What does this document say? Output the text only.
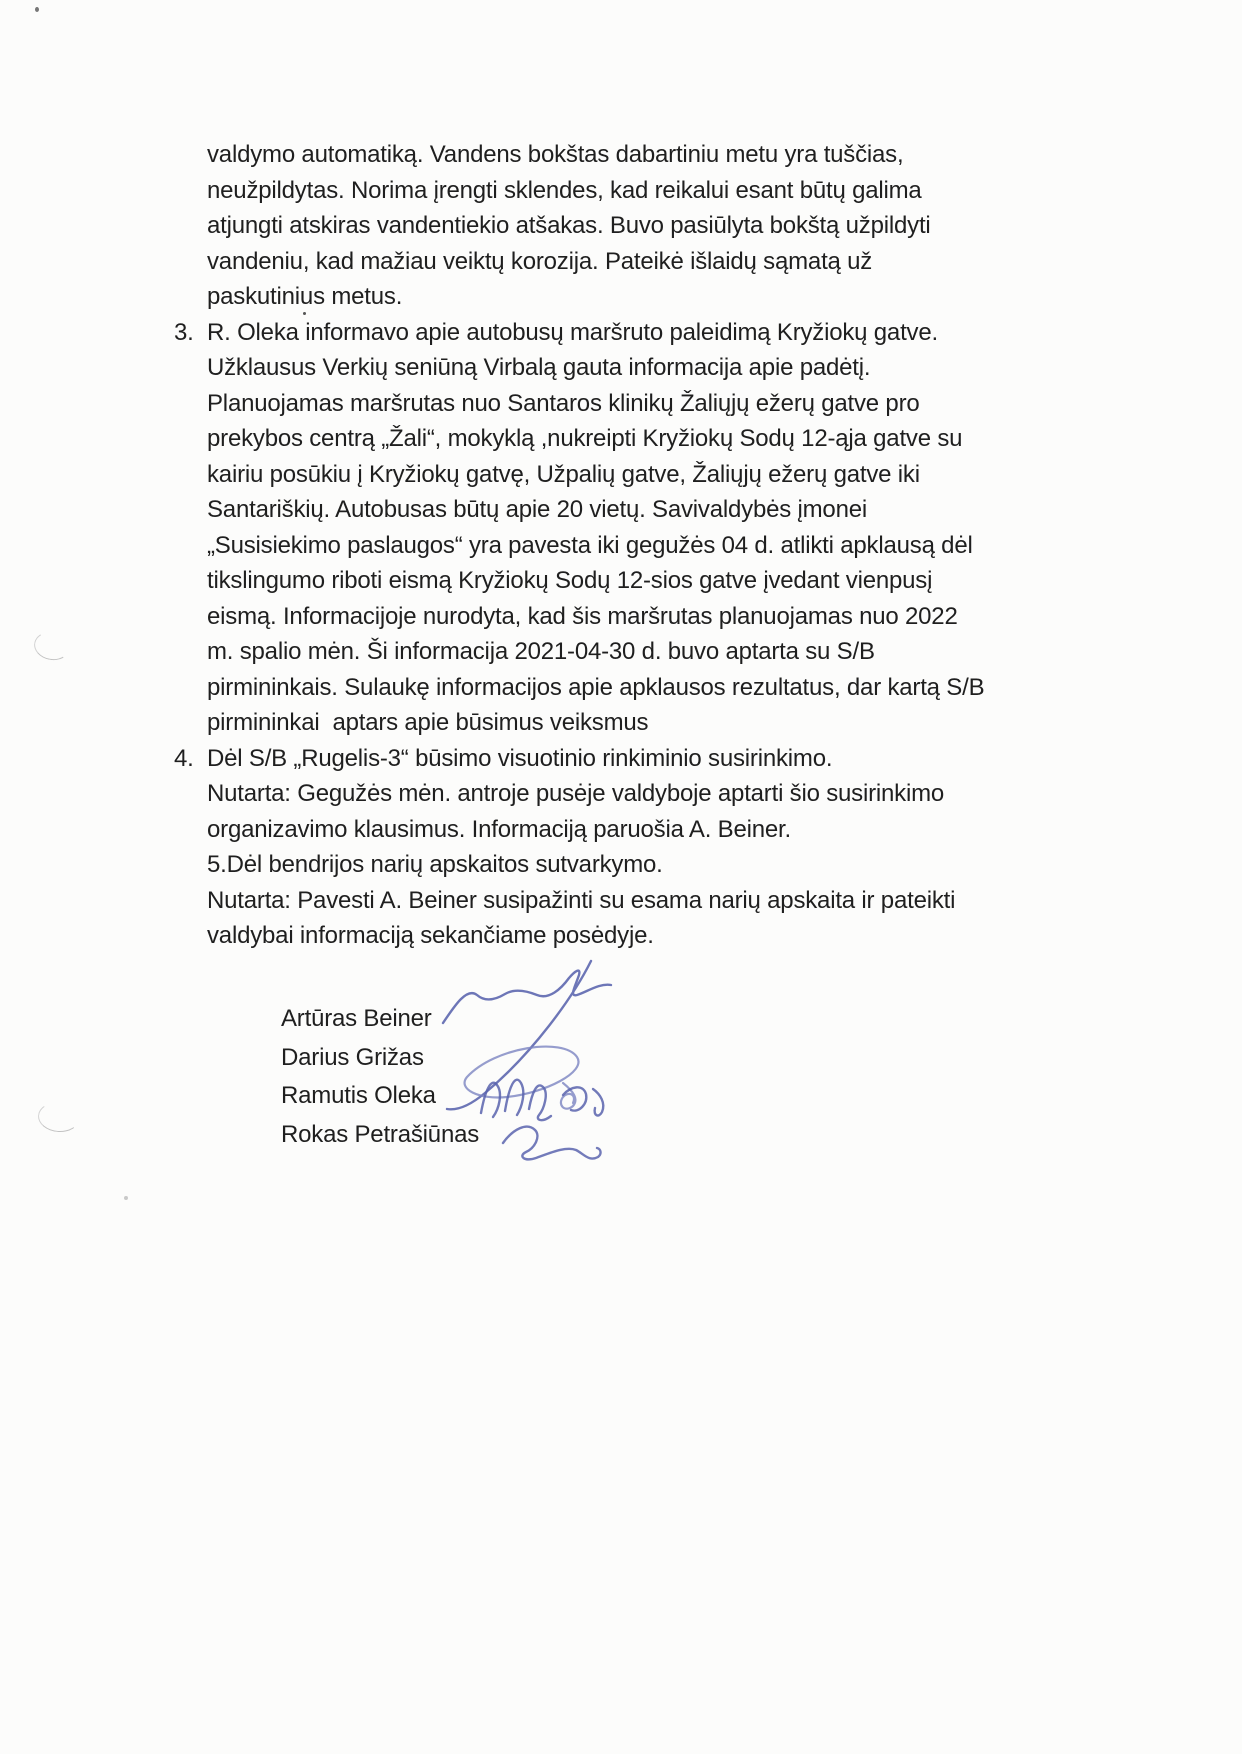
valdymo automatiką. Vandens bokštas dabartiniu metu yra tuščias,
neužpildytas. Norima įrengti sklendes, kad reikalui esant būtų galima
atjungti atskiras vandentiekio atšakas. Buvo pasiūlyta bokštą užpildyti
vandeniu, kad mažiau veiktų korozija. Pateikė išlaidų sąmatą už
paskutinius metus.
3. R. Oleka informavo apie autobusų maršruto paleidimą Kryžiokų gatve.
Užklausus Verkių seniūną Virbalą gauta informacija apie padėtį.
Planuojamas maršrutas nuo Santaros klinikų Žaliųjų ežerų gatve pro
prekybos centrą „Žali“, mokyklą ,nukreipti Kryžiokų Sodų 12-ąja gatve su
kairiu posūkiu į Kryžiokų gatvę, Užpalių gatve, Žaliųjų ežerų gatve iki
Santariškių. Autobusas būtų apie 20 vietų. Savivaldybės įmonei
„Susisiekimo paslaugos“ yra pavesta iki gegužės 04 d. atlikti apklausą dėl
tikslingumo riboti eismą Kryžiokų Sodų 12-sios gatve įvedant vienpusį
eismą. Informacijoje nurodyta, kad šis maršrutas planuojamas nuo 2022
m. spalio mėn. Ši informacija 2021-04-30 d. buvo aptarta su S/B
pirmininkais. Sulaukę informacijos apie apklausos rezultatus, dar kartą S/B
pirmininkai  aptars apie būsimus veiksmus
4. Dėl S/B „Rugelis-3“ būsimo visuotinio rinkiminio susirinkimo.
Nutarta: Gegužės mėn. antroje pusėje valdyboje aptarti šio susirinkimo
organizavimo klausimus. Informaciją paruošia A. Beiner.
5.Dėl bendrijos narių apskaitos sutvarkymo.
Nutarta: Pavesti A. Beiner susipažinti su esama narių apskaita ir pateikti
valdybai informaciją sekančiame posėdyje.
Artūras Beiner
Darius Grižas
Ramutis Oleka
Rokas Petrašiūnas
